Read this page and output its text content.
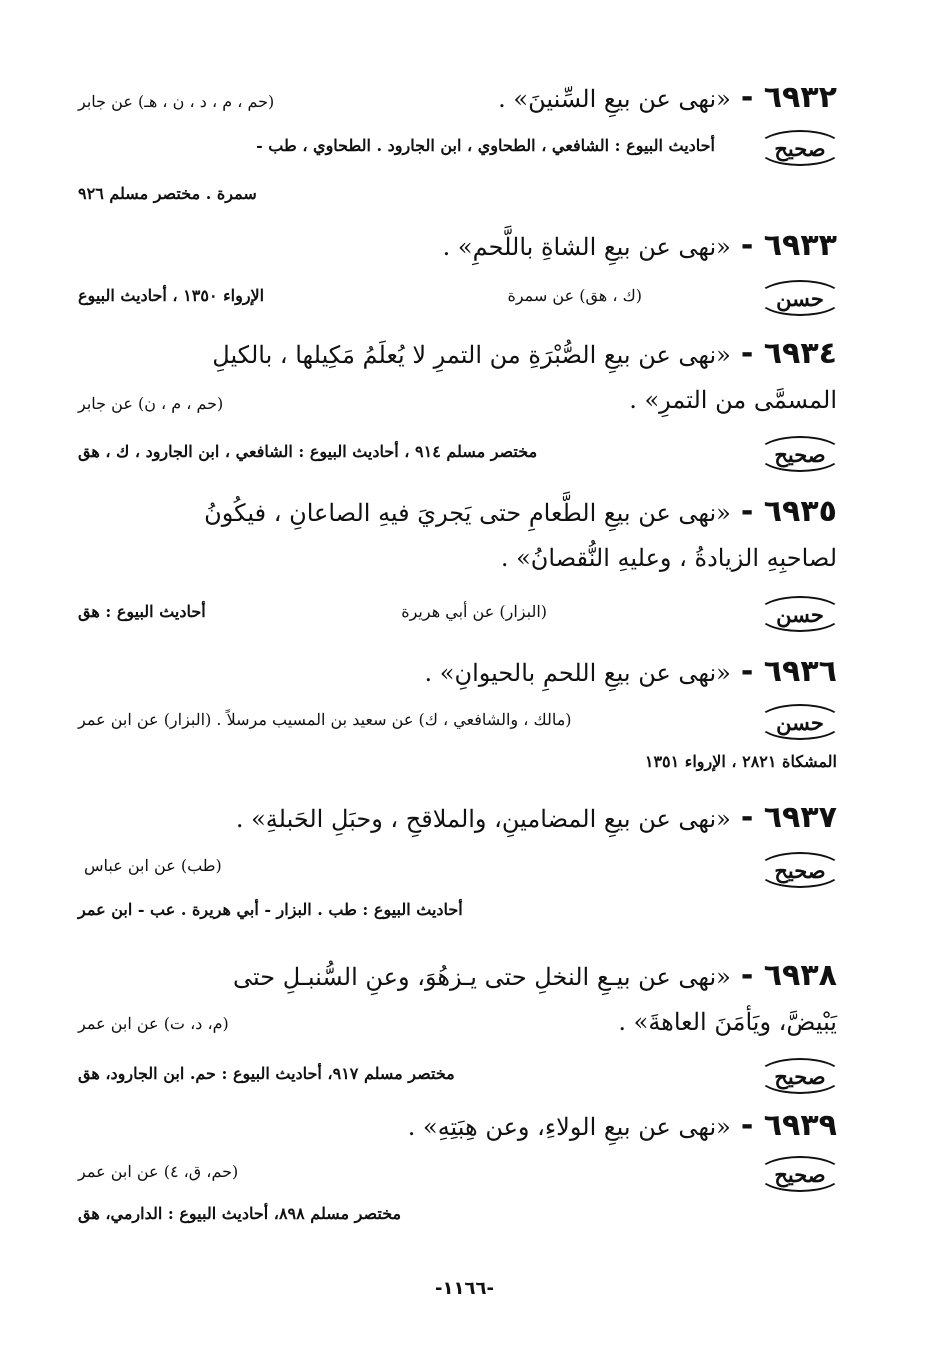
٦٩٣٢ -
«نهى عن بيعِ السِّنينَ» .
(حم ، م ، د ، ن ، هـ) عن جابر
صحيح
أحاديث البيوع : الشافعي ، الطحاوي ، ابن الجارود . الطحاوي ، طب -
سمرة . مختصر مسلم ٩٢٦
٦٩٣٣ -
«نهى عن بيعِ الشاةِ باللَّحمِ» .
حسن
(ك ، هق) عن سمرة
الإرواء ١٣٥٠ ، أحاديث البيوع
٦٩٣٤ -
«نهى عن بيعِ الصُّبْرَةِ من التمرِ لا يُعلَمُ مَكِيلها ، بالكيلِ
المسمَّى من التمرِ» .
(حم ، م ، ن) عن جابر
صحيح
مختصر مسلم ٩١٤ ، أحاديث البيوع : الشافعي ، ابن الجارود ، ك ، هق
٦٩٣٥ -
«نهى عن بيعِ الطَّعامِ حتى يَجريَ فيهِ الصاعانِ ، فيكُونُ
لصاحبِهِ الزيادةُ ، وعليهِ النُّقصانُ» .
حسن
(البزار) عن أبي هريرة
أحاديث البيوع : هق
٦٩٣٦ -
«نهى عن بيعِ اللحمِ بالحيوانِ» .
حسن
(مالك ، والشافعي ، ك) عن سعيد بن المسيب مرسلاً . (البزار) عن ابن عمر
المشكاة ٢٨٢١ ، الإرواء ١٣٥١
٦٩٣٧ -
«نهى عن بيعِ المضامينِ، والملاقحِ ، وحبَلِ الحَبلةِ» .
(طب) عن ابن عباس	صحيح
أحاديث البيوع : طب . البزار - أبي هريرة . عب - ابن عمر
٦٩٣٨ -
«نهى عن بيـعِ النخلِ حتى يـزهُوَ، وعنِ السُّنبـلِ حتى
يَبْيضَّ، ويَأمَنَ العاهةَ» .
(م، د، ت) عن ابن عمر
صحيح
مختصر مسلم ٩١٧، أحاديث البيوع : حم. ابن الجارود، هق
٦٩٣٩ -
«نهى عن بيعِ الولاءِ، وعن هِبَتِهِ» .
صحيح
(حم، ق، ٤) عن ابن عمر
مختصر مسلم ٨٩٨، أحاديث البيوع : الدارمي، هق
-١١٦٦-
